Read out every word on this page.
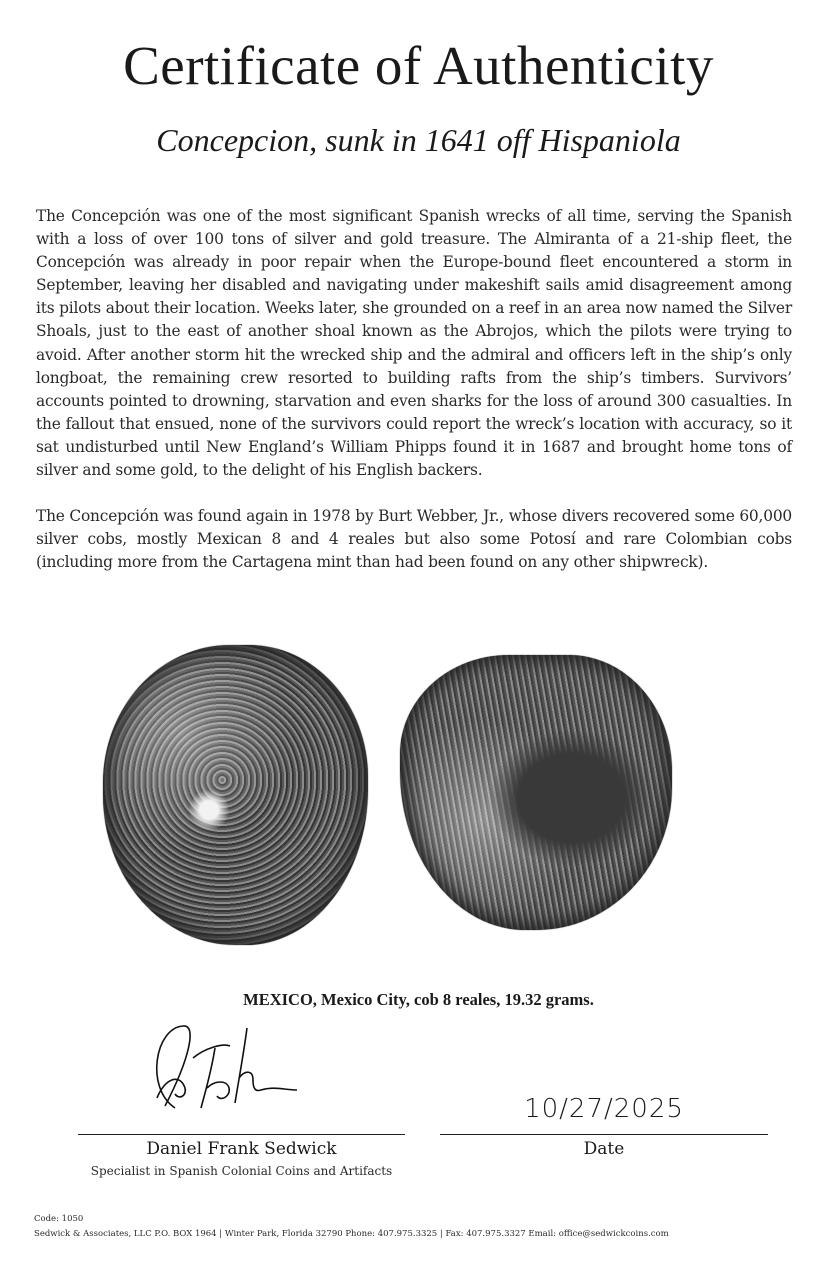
Certificate of Authenticity
Concepcion, sunk in 1641 off Hispaniola

The Concepción was one of the most significant Spanish wrecks of all time, serving the Spanish with a loss of over 100 tons of silver and gold treasure. The Almiranta of a 21-ship fleet, the Concepción was already in poor repair when the Europe-bound fleet encountered a storm in September, leaving her disabled and navigating under makeshift sails amid disagreement among its pilots about their location. Weeks later, she grounded on a reef in an area now named the Silver Shoals, just to the east of another shoal known as the Abrojos, which the pilots were trying to avoid. After another storm hit the wrecked ship and the admiral and officers left in the ship’s only longboat, the remaining crew resorted to building rafts from the ship’s timbers. Survivors’ accounts pointed to drowning, starvation and even sharks for the loss of around 300 casualties. In the fallout that ensued, none of the survivors could report the wreck’s location with accuracy, so it sat undisturbed until New England’s William Phipps found it in 1687 and brought home tons of silver and some gold, to the delight of his English backers.

The Concepción was found again in 1978 by Burt Webber, Jr., whose divers recovered some 60,000 silver cobs, mostly Mexican 8 and 4 reales but also some Potosí and rare Colombian cobs (including more from the Cartagena mint than had been found on any other shipwreck).

MEXICO, Mexico City, cob 8 reales, 19.32 grams.
Daniel Frank Sedwick
Specialist in Spanish Colonial Coins and Artifacts
10/27/2025
Date
Code: 1050
Sedwick & Associates, LLC P.O. BOX 1964 | Winter Park, Florida 32790 Phone: 407.975.3325 | Fax: 407.975.3327 Email: office@sedwickcoins.com
